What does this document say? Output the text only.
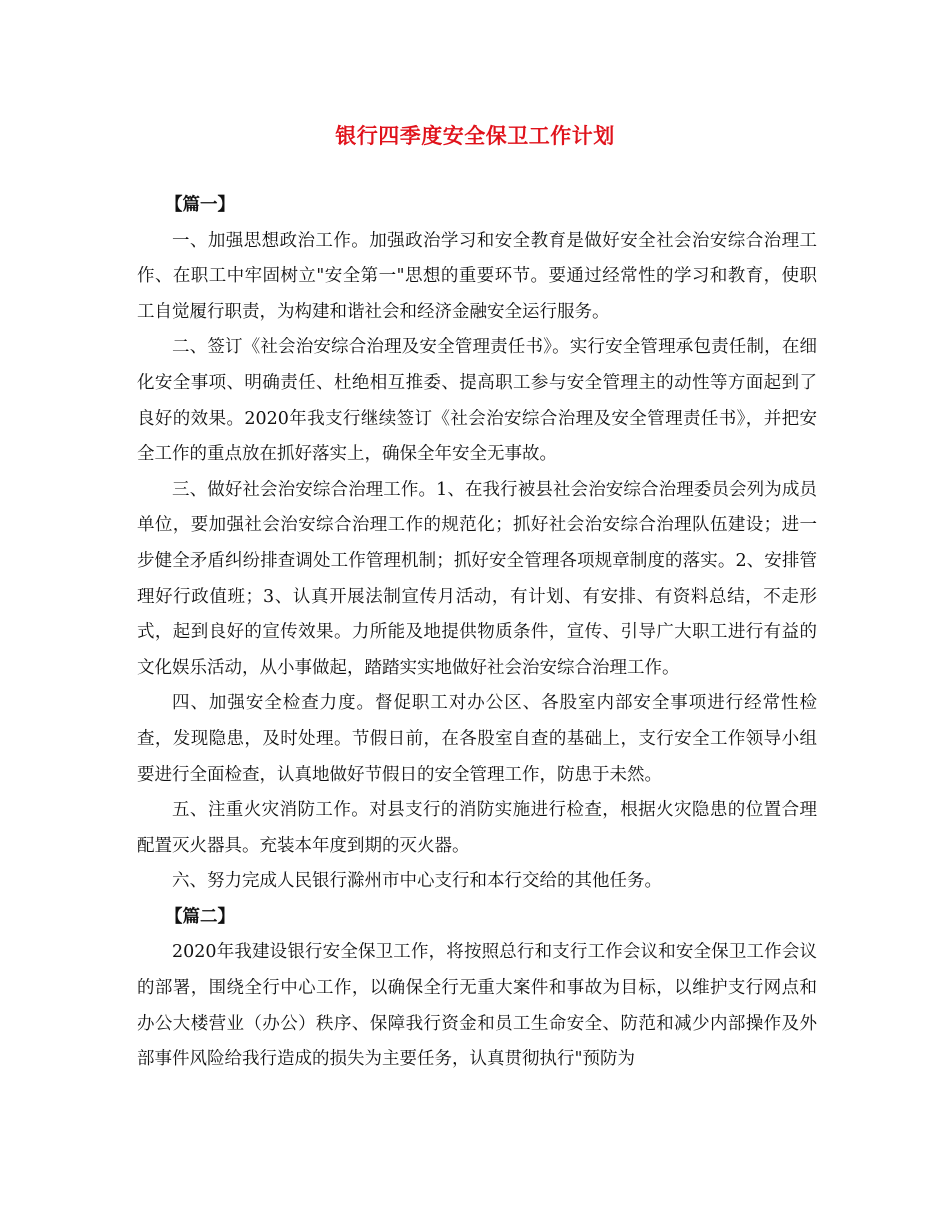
银行四季度安全保卫工作计划

【篇一】

一、加强思想政治工作。加强政治学习和安全教育是做好安全社会治安综合治理工作、在职工中牢固树立"安全第一"思想的重要环节。要通过经常性的学习和教育，使职工自觉履行职责，为构建和谐社会和经济金融安全运行服务。

二、签订《社会治安综合治理及安全管理责任书》。实行安全管理承包责任制，在细化安全事项、明确责任、杜绝相互推委、提高职工参与安全管理主的动性等方面起到了良好的效果。2020年我支行继续签订《社会治安综合治理及安全管理责任书》，并把安全工作的重点放在抓好落实上，确保全年安全无事故。

三、做好社会治安综合治理工作。1、在我行被县社会治安综合治理委员会列为成员单位，要加强社会治安综合治理工作的规范化；抓好社会治安综合治理队伍建设；进一步健全矛盾纠纷排查调处工作管理机制；抓好安全管理各项规章制度的落实。2、安排管理好行政值班；3、认真开展法制宣传月活动，有计划、有安排、有资料总结，不走形式，起到良好的宣传效果。力所能及地提供物质条件，宣传、引导广大职工进行有益的文化娱乐活动，从小事做起，踏踏实实地做好社会治安综合治理工作。

四、加强安全检查力度。督促职工对办公区、各股室内部安全事项进行经常性检查，发现隐患，及时处理。节假日前，在各股室自查的基础上，支行安全工作领导小组要进行全面检查，认真地做好节假日的安全管理工作，防患于未然。

五、注重火灾消防工作。对县支行的消防实施进行检查，根据火灾隐患的位置合理配置灭火器具。充装本年度到期的灭火器。

六、努力完成人民银行滁州市中心支行和本行交给的其他任务。

【篇二】

2020年我建设银行安全保卫工作，将按照总行和支行工作会议和安全保卫工作会议的部署，围绕全行中心工作，以确保全行无重大案件和事故为目标，以维护支行网点和办公大楼营业（办公）秩序、保障我行资金和员工生命安全、防范和减少内部操作及外部事件风险给我行造成的损失为主要任务，认真贯彻执行"预防为
